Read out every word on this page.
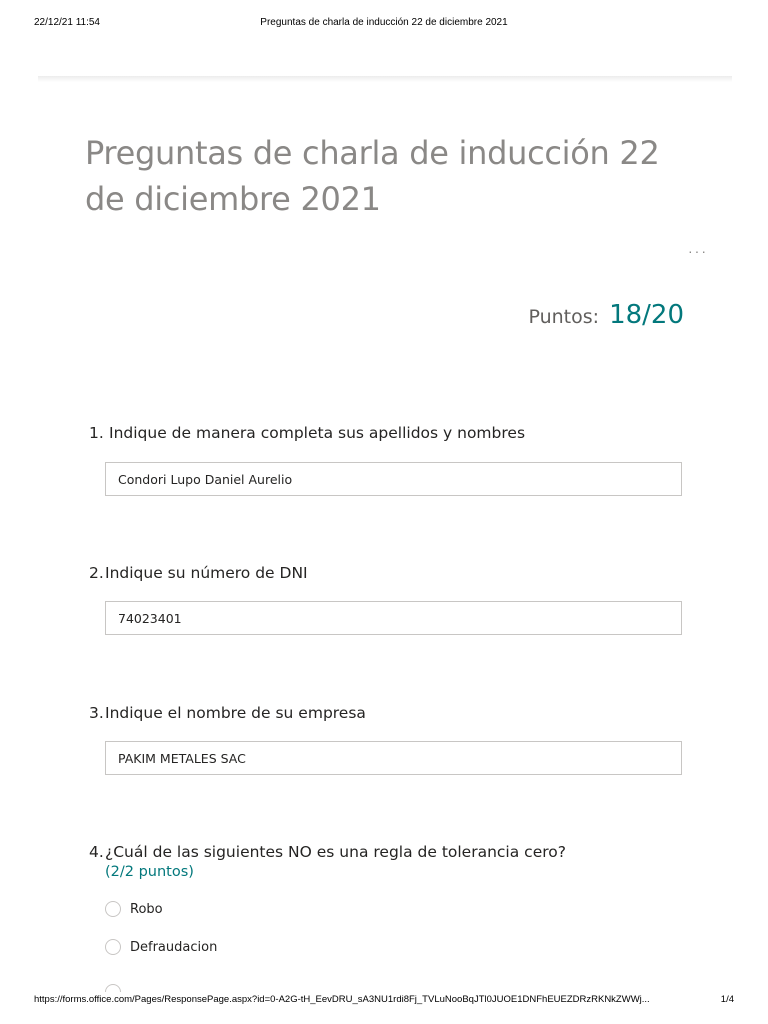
22/12/21 11:54	Preguntas de charla de inducción 22 de diciembre 2021
Preguntas de charla de inducción 22 de diciembre 2021
···
Puntos: 18/20
1. Indique de manera completa sus apellidos y nombres
Condori Lupo Daniel Aurelio
2. Indique su número de DNI
74023401
3. Indique el nombre de su empresa
PAKIM METALES SAC
4. ¿Cuál de las siguientes NO es una regla de tolerancia cero?
(2/2 puntos)
Robo
Defraudacion
https://forms.office.com/Pages/ResponsePage.aspx?id=0-A2G-tH_EevDRU_sA3NU1rdi8Fj_TVLuNooBqJTl0JUOE1DNFhEUEZDRzRKNkZWWj...	1/4
